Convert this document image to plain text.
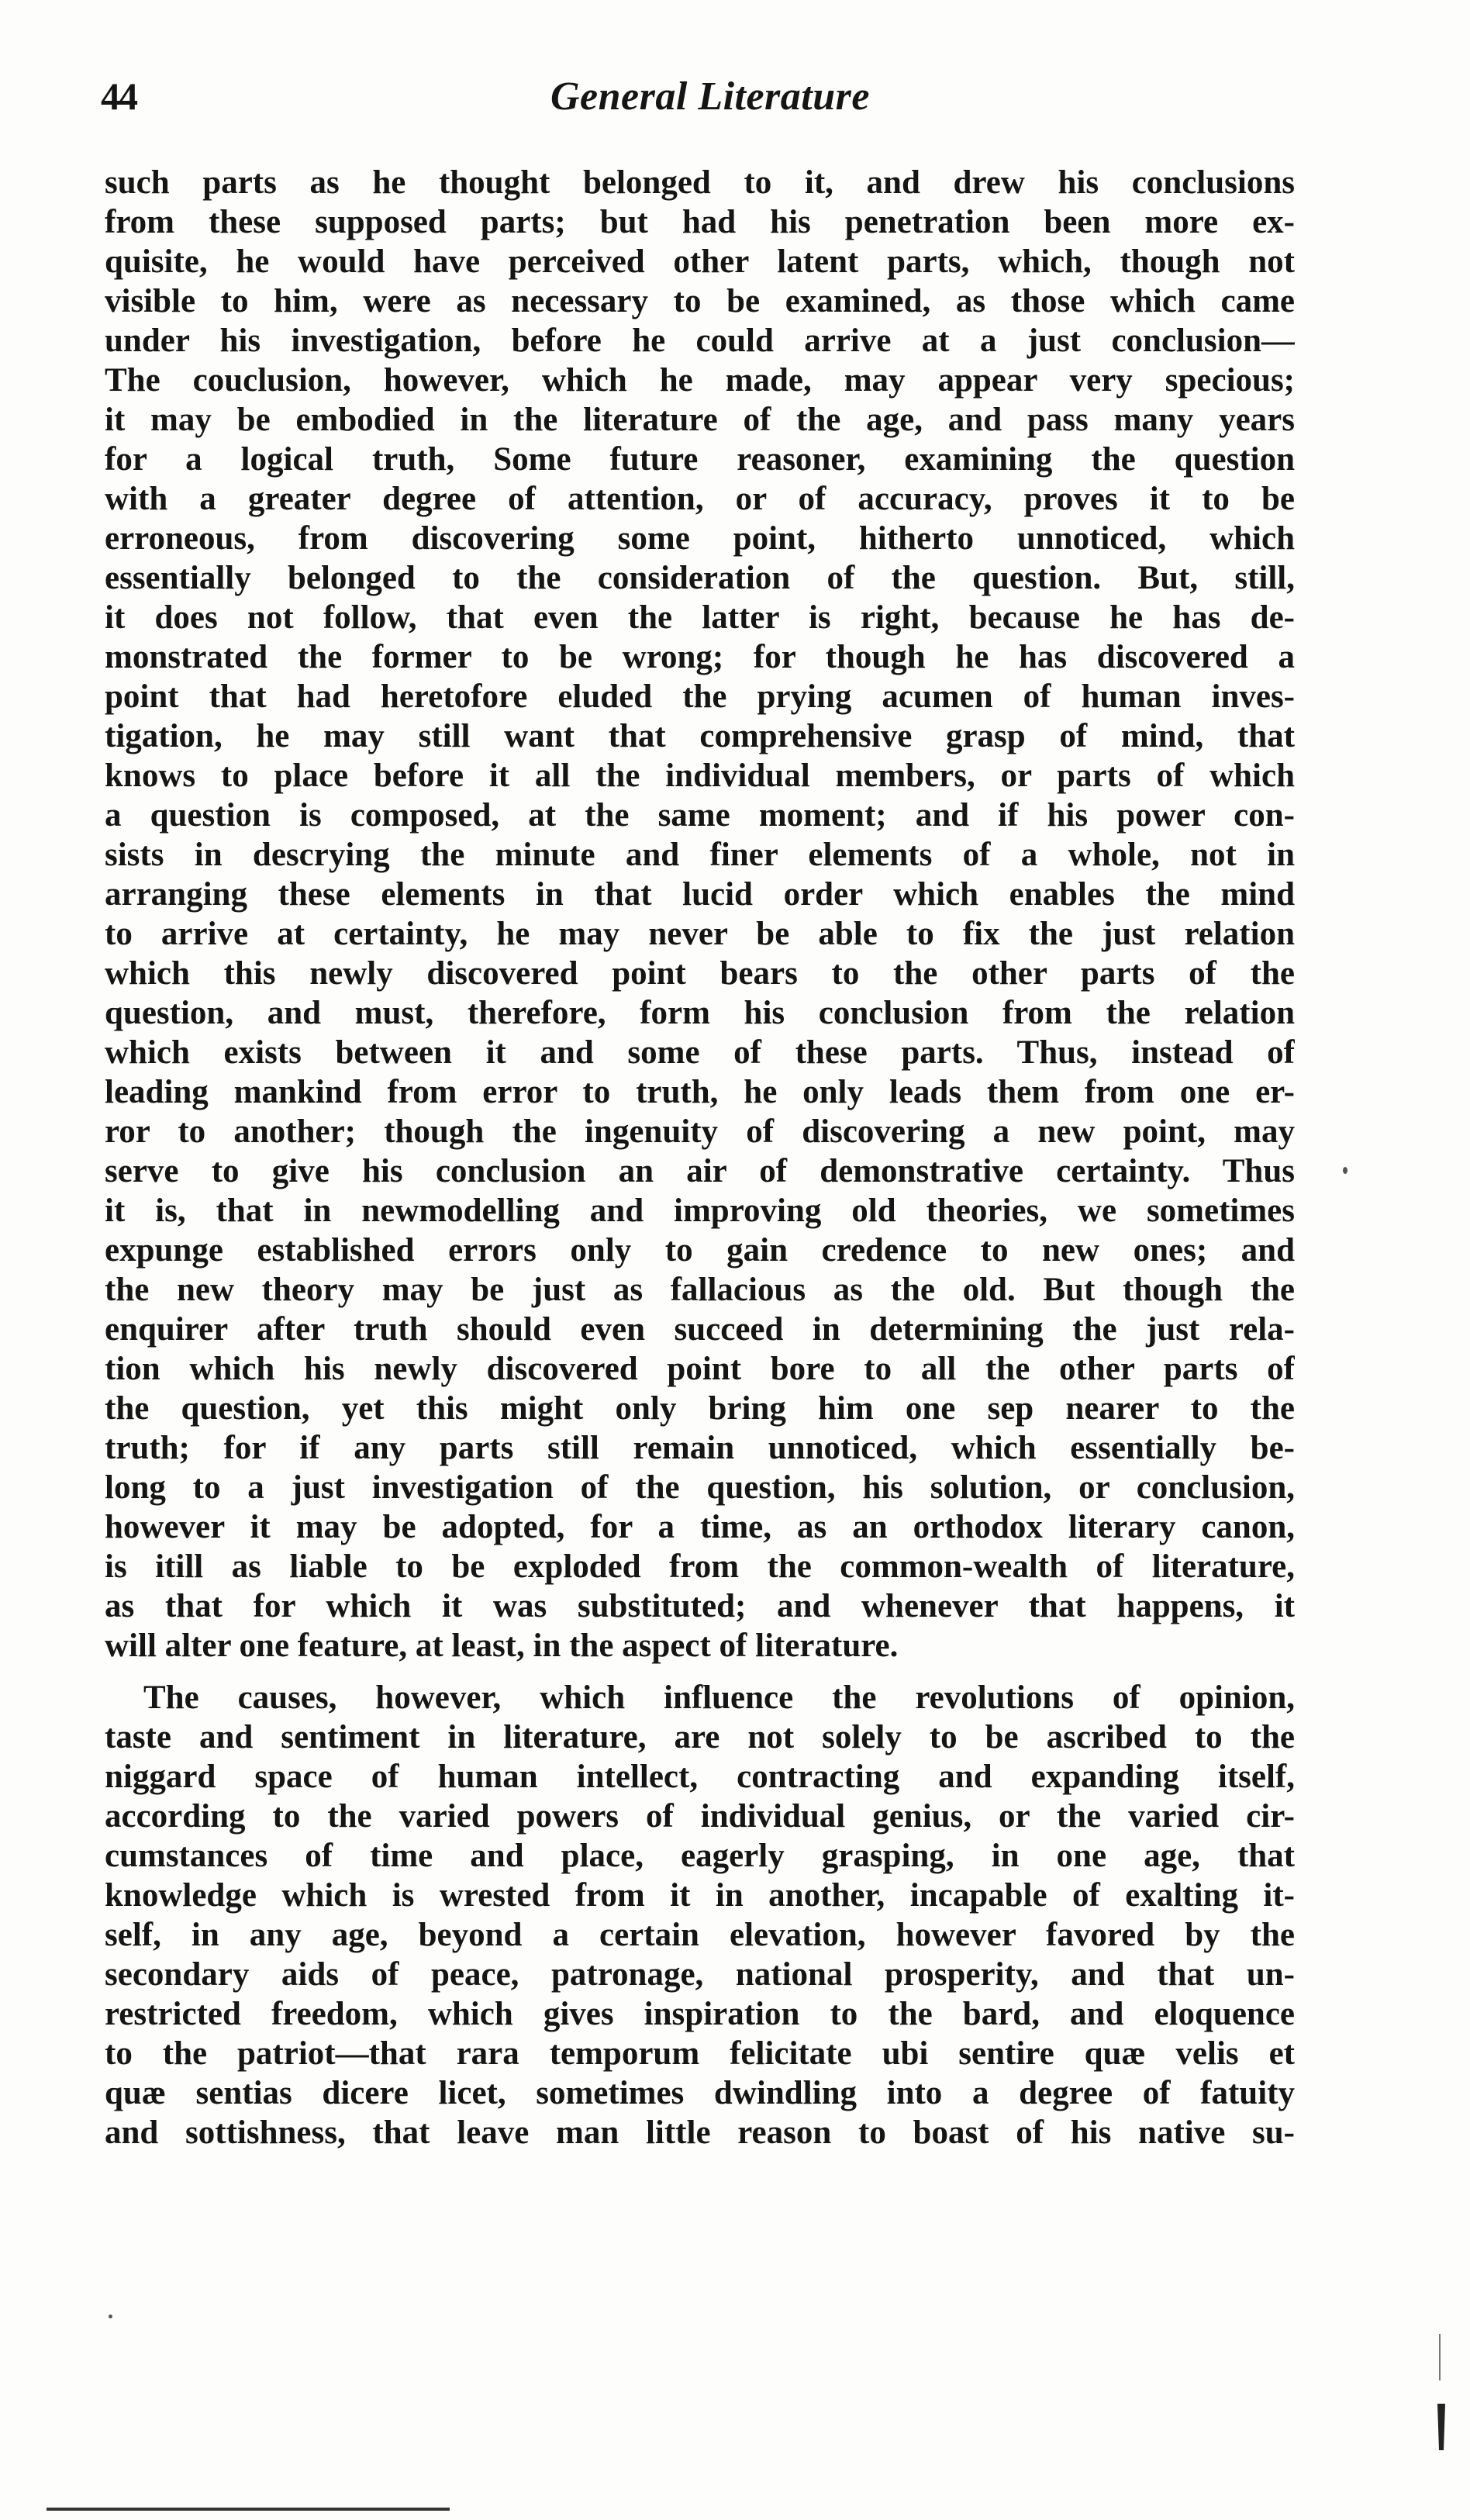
44	General Literature
such parts as he thought belonged to it, and drew his conclusions
from these supposed parts; but had his penetration been more ex-
quisite, he would have perceived other latent parts, which, though not
visible to him, were as necessary to be examined, as those which came
under his investigation, before he could arrive at a just conclusion—
The couclusion, however, which he made, may appear very specious;
it may be embodied in the literature of the age, and pass many years
for a logical truth, Some future reasoner, examining the question
with a greater degree of attention, or of accuracy, proves it to be
erroneous, from discovering some point, hitherto unnoticed, which
essentially belonged to the consideration of the question. But, still,
it does not follow, that even the latter is right, because he has de-
monstrated the former to be wrong; for though he has discovered a
point that had heretofore eluded the prying acumen of human inves-
tigation, he may still want that comprehensive grasp of mind, that
knows to place before it all the individual members, or parts of which
a question is composed, at the same moment; and if his power con-
sists in descrying the minute and finer elements of a whole, not in
arranging these elements in that lucid order which enables the mind
to arrive at certainty, he may never be able to fix the just relation
which this newly discovered point bears to the other parts of the
question, and must, therefore, form his conclusion from the relation
which exists between it and some of these parts. Thus, instead of
leading mankind from error to truth, he only leads them from one er-
ror to another; though the ingenuity of discovering a new point, may
serve to give his conclusion an air of demonstrative certainty. Thus
it is, that in newmodelling and improving old theories, we sometimes
expunge established errors only to gain credence to new ones; and
the new theory may be just as fallacious as the old. But though the
enquirer after truth should even succeed in determining the just rela-
tion which his newly discovered point bore to all the other parts of
the question, yet this might only bring him one sep nearer to the
truth; for if any parts still remain unnoticed, which essentially be-
long to a just investigation of the question, his solution, or conclusion,
however it may be adopted, for a time, as an orthodox literary canon,
is itill as liable to be exploded from the common-wealth of literature,
as that for which it was substituted; and whenever that happens, it
will alter one feature, at least, in the aspect of literature.
The causes, however, which influence the revolutions of opinion,
taste and sentiment in literature, are not solely to be ascribed to the
niggard space of human intellect, contracting and expanding itself,
according to the varied powers of individual genius, or the varied cir-
cumstances of time and place, eagerly grasping, in one age, that
knowledge which is wrested from it in another, incapable of exalting it-
self, in any age, beyond a certain elevation, however favored by the
secondary aids of peace, patronage, national prosperity, and that un-
restricted freedom, which gives inspiration to the bard, and eloquence
to the patriot—that rara temporum felicitate ubi sentire quæ velis et
quæ sentias dicere licet, sometimes dwindling into a degree of fatuity
and sottishness, that leave man little reason to boast of his native su-
